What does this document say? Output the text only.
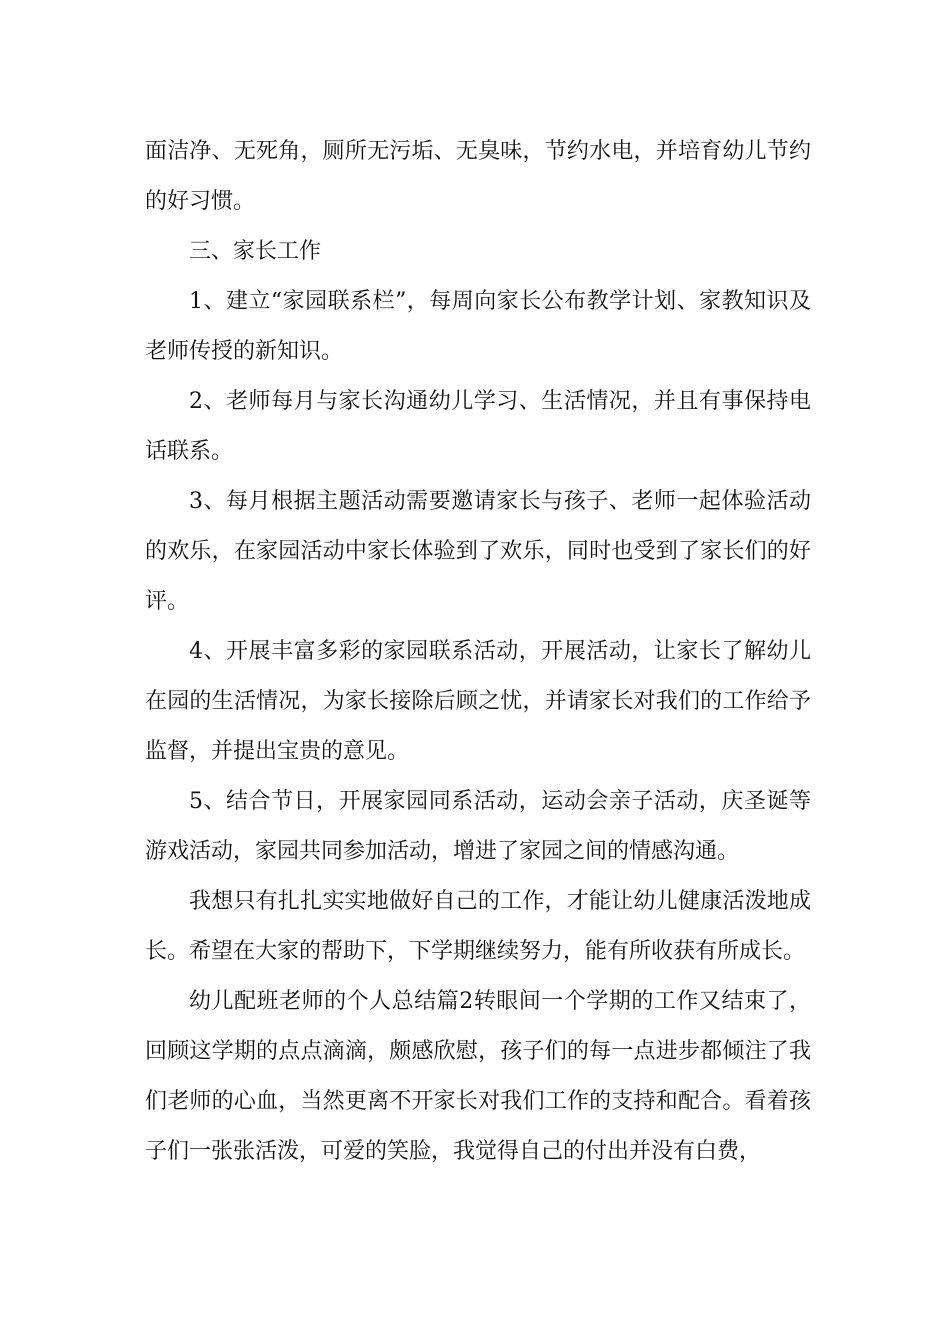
面洁净、无死角，厕所无污垢、无臭味，节约水电，并培育幼儿节约的好习惯。

三、家长工作

1、建立“家园联系栏”，每周向家长公布教学计划、家教知识及老师传授的新知识。

2、老师每月与家长沟通幼儿学习、生活情况，并且有事保持电话联系。

3、每月根据主题活动需要邀请家长与孩子、老师一起体验活动的欢乐，在家园活动中家长体验到了欢乐，同时也受到了家长们的好评。

4、开展丰富多彩的家园联系活动，开展活动，让家长了解幼儿在园的生活情况，为家长接除后顾之忧，并请家长对我们的工作给予监督，并提出宝贵的意见。

5、结合节日，开展家园同系活动，运动会亲子活动，庆圣诞等游戏活动，家园共同参加活动，增进了家园之间的情感沟通。

我想只有扎扎实实地做好自己的工作，才能让幼儿健康活泼地成长。希望在大家的帮助下，下学期继续努力，能有所收获有所成长。

幼儿配班老师的个人总结篇2转眼间一个学期的工作又结束了，回顾这学期的点点滴滴，颇感欣慰，孩子们的每一点进步都倾注了我们老师的心血，当然更离不开家长对我们工作的支持和配合。看着孩子们一张张活泼，可爱的笑脸，我觉得自己的付出并没有白费，
